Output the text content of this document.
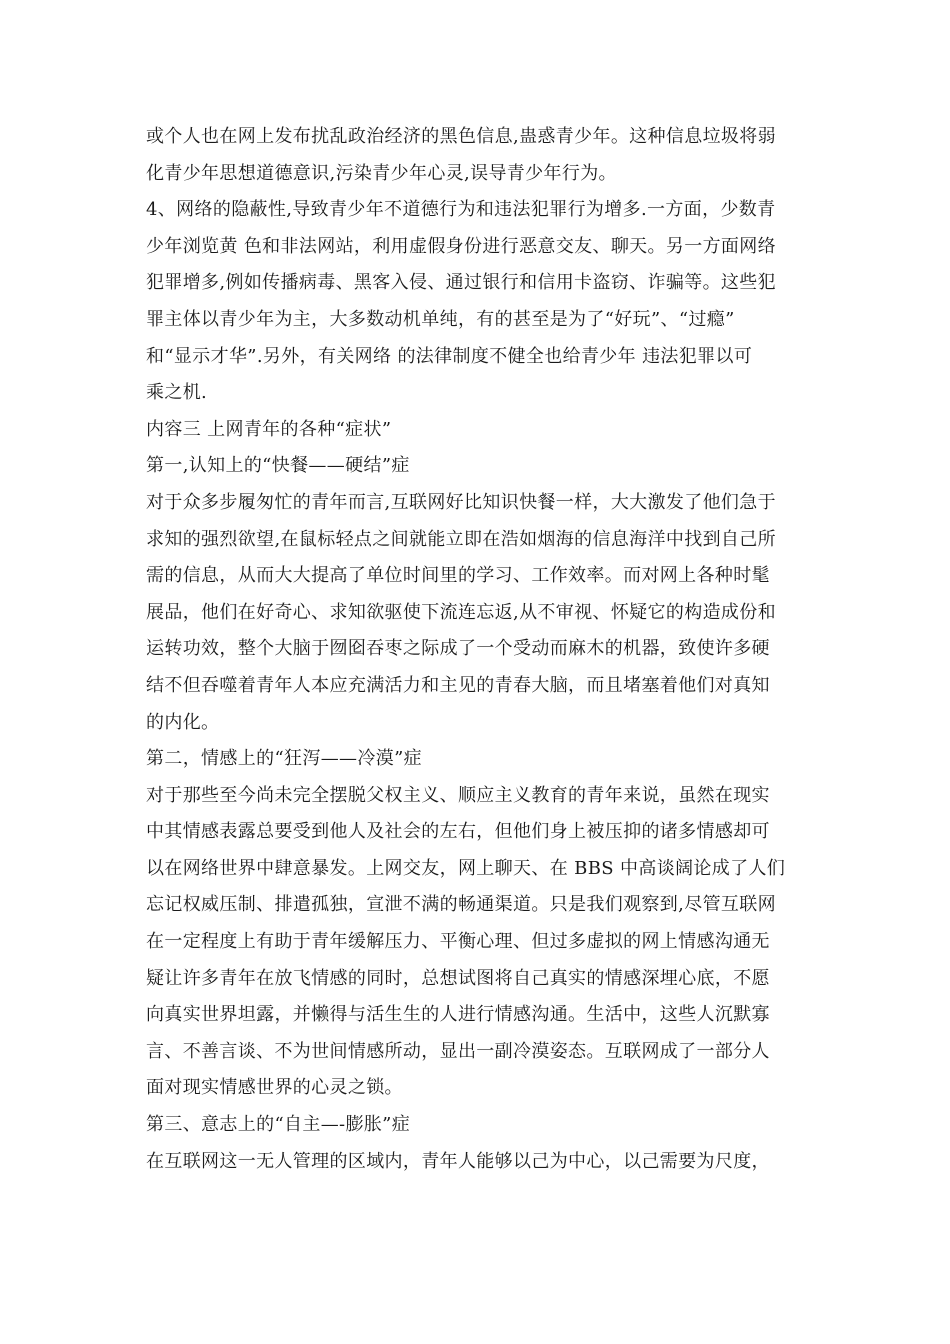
或个人也在网上发布扰乱政治经济的黑色信息,蛊惑青少年。这种信息垃圾将弱
化青少年思想道德意识,污染青少年心灵,误导青少年行为。
4、网络的隐蔽性,导致青少年不道德行为和违法犯罪行为增多.一方面，少数青
少年浏览黄 色和非法网站，利用虚假身份进行恶意交友、聊天。另一方面网络
犯罪增多,例如传播病毒、黑客入侵、通过银行和信用卡盗窃、诈骗等。这些犯
罪主体以青少年为主，大多数动机单纯，有的甚至是为了“好玩”、“过瘾”
和“显示才华”.另外，有关网络 的法律制度不健全也给青少年 违法犯罪以可
乘之机.
内容三 上网青年的各种“症状”
第一,认知上的“快餐——硬结”症
对于众多步履匆忙的青年而言,互联网好比知识快餐一样，大大激发了他们急于
求知的强烈欲望,在鼠标轻点之间就能立即在浩如烟海的信息海洋中找到自己所
需的信息，从而大大提高了单位时间里的学习、工作效率。而对网上各种时髦
展品，他们在好奇心、求知欲驱使下流连忘返,从不审视、怀疑它的构造成份和
运转功效，整个大脑于囫囵吞枣之际成了一个受动而麻木的机器，致使许多硬
结不但吞噬着青年人本应充满活力和主见的青春大脑，而且堵塞着他们对真知
的内化。
第二，情感上的“狂泻——冷漠”症
对于那些至今尚未完全摆脱父权主义、顺应主义教育的青年来说，虽然在现实
中其情感表露总要受到他人及社会的左右，但他们身上被压抑的诸多情感却可
以在网络世界中肆意暴发。上网交友，网上聊天、在 BBS 中高谈阔论成了人们
忘记权威压制、排遣孤独，宣泄不满的畅通渠道。只是我们观察到,尽管互联网
在一定程度上有助于青年缓解压力、平衡心理、但过多虚拟的网上情感沟通无
疑让许多青年在放飞情感的同时，总想试图将自己真实的情感深埋心底，不愿
向真实世界坦露，并懒得与活生生的人进行情感沟通。生活中，这些人沉默寡
言、不善言谈、不为世间情感所动，显出一副冷漠姿态。互联网成了一部分人
面对现实情感世界的心灵之锁。
第三、意志上的“自主—-膨胀”症
在互联网这一无人管理的区域内，青年人能够以己为中心，以己需要为尺度，
